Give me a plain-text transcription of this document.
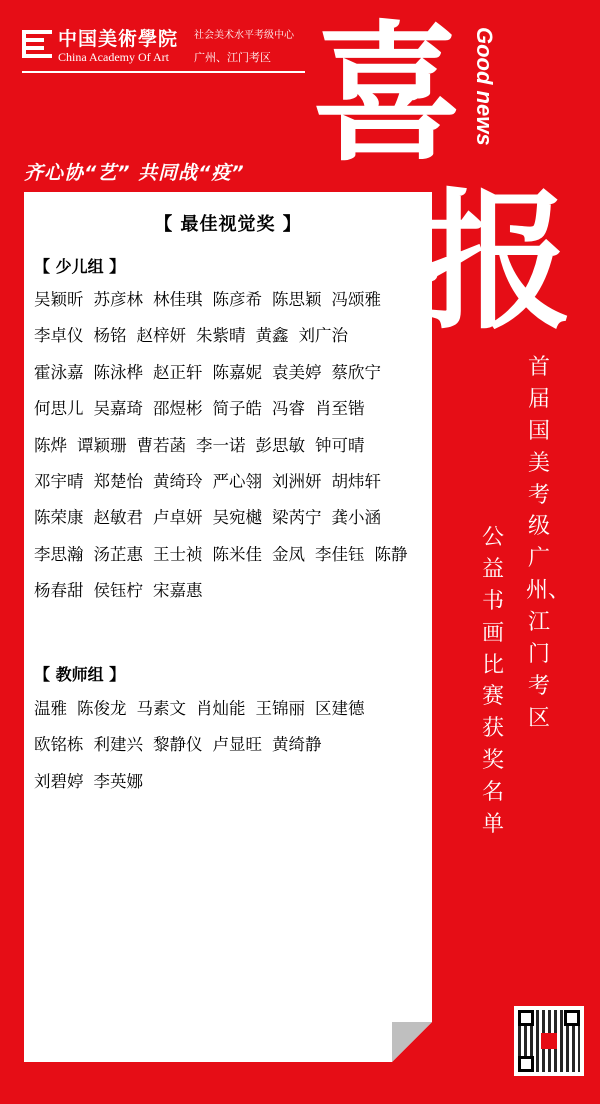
中国美術學院
China Academy Of Art
社会美术水平考级中心
广州、江门考区
齐心协“艺” 共同战“疫” 喜 Good news
报
首届国美考级广州、江门考区
公益书画比赛获奖名单
【 最佳视觉奖 】
【 少儿组 】
吴颖昕 苏彦林 林佳琪 陈彦希 陈思颖 冯颂雅
李卓仪 杨铭 赵梓妍 朱紫晴 黄鑫 刘广治
霍泳嘉 陈泳桦 赵正轩 陈嘉妮 袁美婷 蔡欣宁
何思儿 吴嘉琦 邵煜彬 简子皓 冯睿 肖至锴
陈烨 谭颖珊 曹若菡 李一诺 彭思敏 钟可晴
邓宇晴 郑楚怡 黄绮玲 严心翎 刘洲妍 胡炜轩
陈荣康 赵敏君 卢卓妍 吴宛樾 梁芮宁 龚小涵
李思瀚 汤芷惠 王士祯 陈米佳 金凤 李佳钰 陈静
杨春甜 侯钰柠 宋嘉惠
【 教师组 】
温雅 陈俊龙 马素文 肖灿能 王锦丽 区建德
欧铭栋 利建兴 黎静仪 卢显旺 黄绮静
刘碧婷 李英娜
